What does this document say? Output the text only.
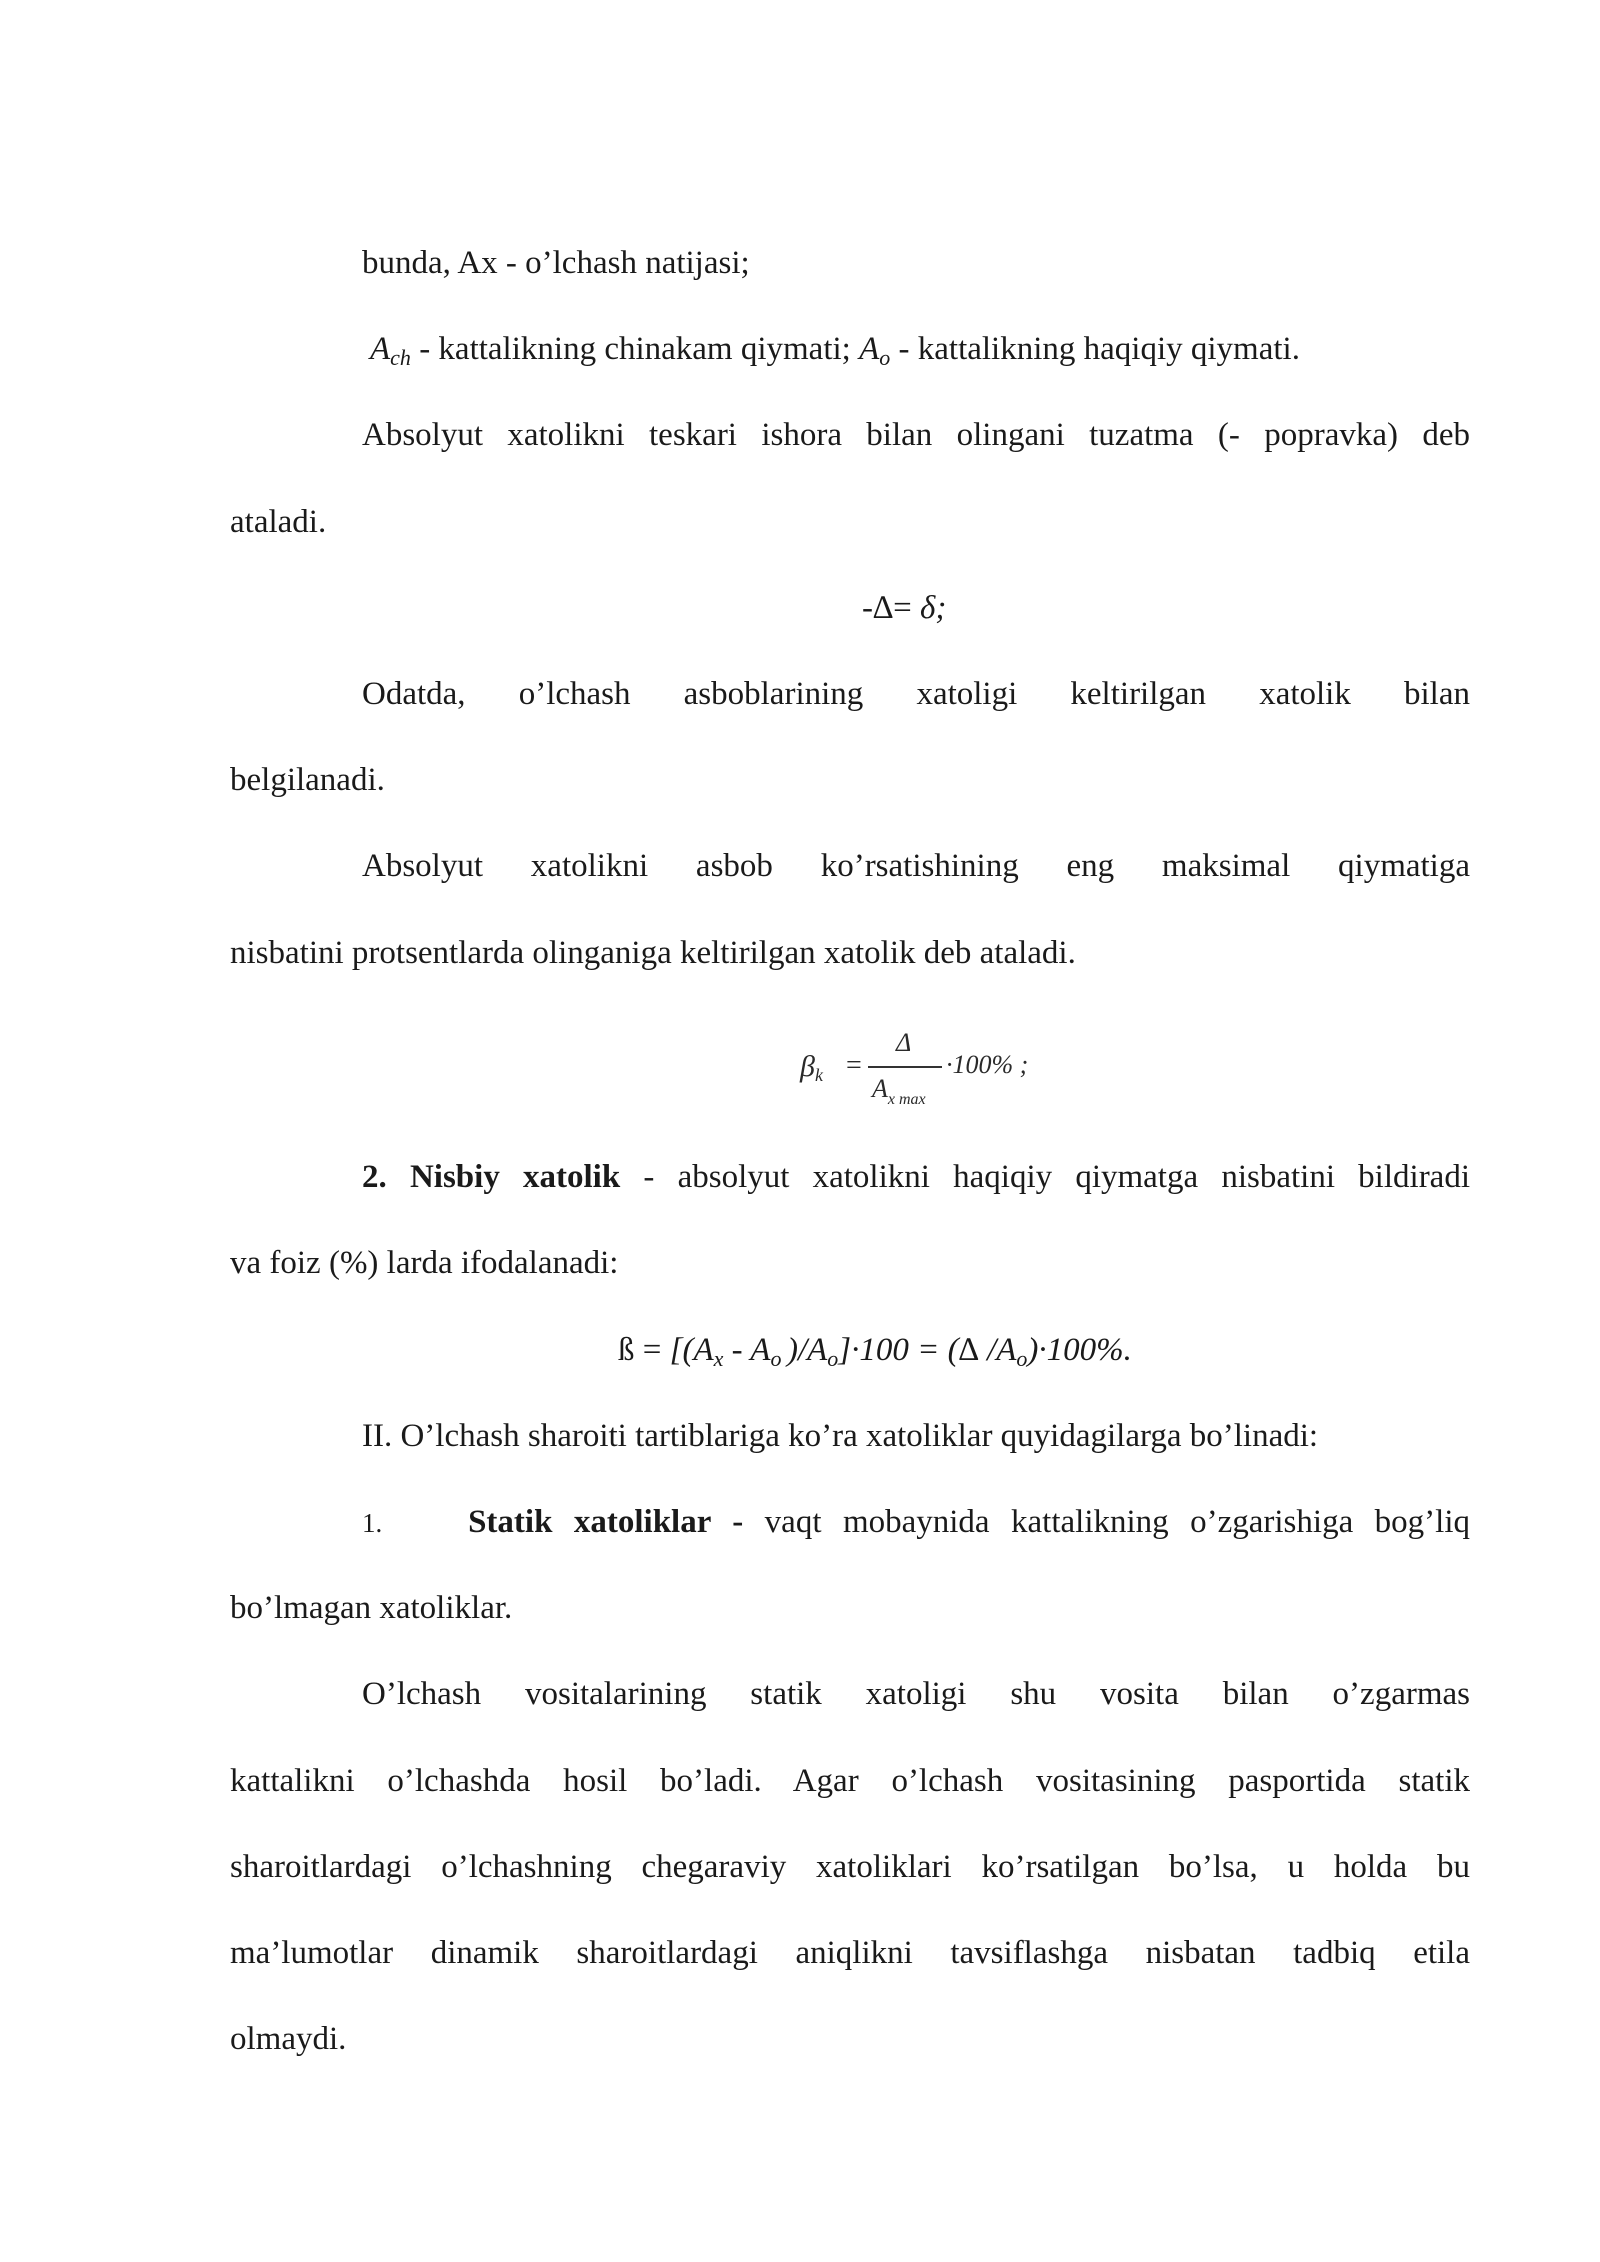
bunda, Ax - o’lchash natijasi;
$A_{ch}$ - kattalikning chinakam qiymati; $A_o$ - kattalikning haqiqiy qiymati.
Absolyut xatolikni teskari ishora bilan olingani tuzatma (- popravka) deb
ataladi.
-∆= δ;
Odatda, o’lchash asboblarining xatoligi keltirilgan xatolik bilan
belgilanadi.
Absolyut xatolikni asbob ko’rsatishining eng maksimal qiymatiga
nisbatini protsentlarda olinganiga keltirilgan xatolik deb ataladi.
$\beta_k$ =
Δ
$A_{x max}$
·100% ;
2. Nisbiy xatolik - absolyut xatolikni haqiqiy qiymatga nisbatini bildiradi
va foiz (%) larda ifodalanadi:
ß = [($A_x - A_o$ )$/A_o]\cdot 100$ = (∆ $/A_o)\cdot 100\%$.
II. O’lchash sharoiti tartiblariga ko’ra xatoliklar quyidagilarga bo’linadi:
1.	Statik xatoliklar - vaqt mobaynida kattalikning o’zgarishiga bog’liq
bo’lmagan xatoliklar.
O’lchash vositalarining statik xatoligi shu vosita bilan o’zgarmas
kattalikni o’lchashda hosil bo’ladi. Agar o’lchash vositasining pasportida statik
sharoitlardagi o’lchashning chegaraviy xatoliklari ko’rsatilgan bo’lsa, u holda bu
ma’lumotlar dinamik sharoitlardagi aniqlikni tavsiflashga nisbatan tadbiq etila
olmaydi.
